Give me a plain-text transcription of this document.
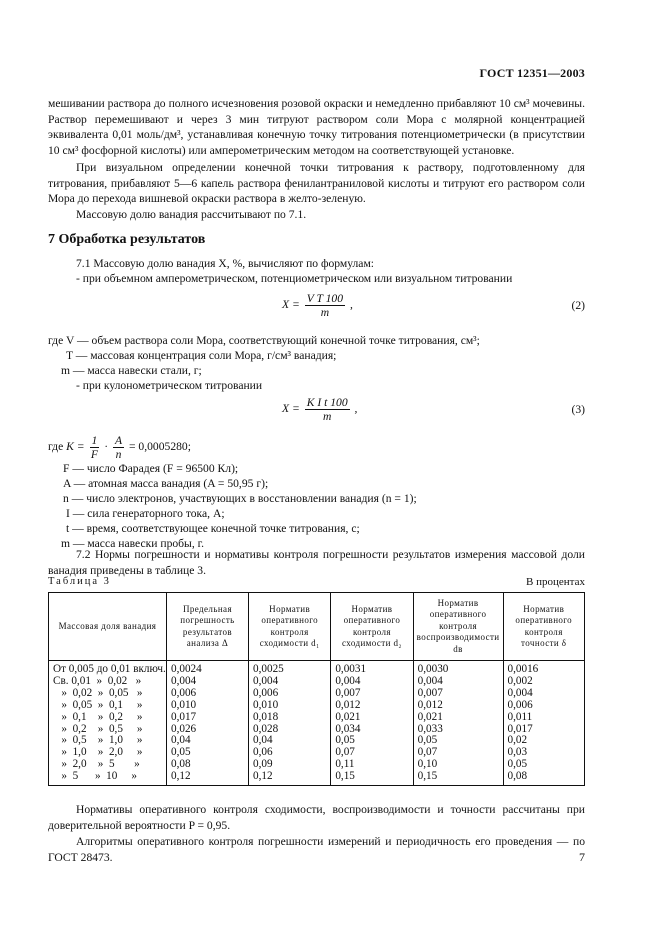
ГОСТ 12351—2003
мешивании раствора до полного исчезновения розовой окраски и немедленно прибавляют 10 см³ мочевины. Раствор перемешивают и через 3 мин титруют раствором соли Мора с молярной концентрацией эквивалента 0,01 моль/дм³, устанавливая конечную точку титрования потенциометрически (в присутствии 10 см³ фосфорной кислоты) или амперометрическим методом на соответствующей установке.
При визуальном определении конечной точки титрования к раствору, подготовленному для титрования, прибавляют 5—6 капель раствора фенилантраниловой кислоты и титруют его раствором соли Мора до перехода вишневой окраски раствора в желто-зеленую.
Массовую долю ванадия рассчитывают по 7.1.
7 Обработка результатов
7.1 Массовую долю ванадия X, %, вычисляют по формулам:
- при объемном амперометрическом, потенциометрическом или визуальном титровании
$X = \frac{\text{V T 100}}{m}$ ,	(2)
где V — объем раствора соли Мора, соответствующий конечной точке титрования, см³;
T — массовая концентрация соли Мора, г/см³ ванадия;
m — масса навески стали, г;
- при кулонометрическом титровании
$X = \frac{\text{K I t 100}}{m}$ ,	(3)
где $K = \frac{1}{F} \cdot \frac{A}{n} = 0,0005280$;
F — число Фарадея (F = 96500 Кл);
A — атомная масса ванадия (A = 50,95 г);
n — число электронов, участвующих в восстановлении ванадия (n = 1);
I — сила генераторного тока, А;
t — время, соответствующее конечной точке титрования, с;
m — масса навески пробы, г.
7.2 Нормы погрешности и нормативы контроля погрешности результатов измерения массовой доли ванадия приведены в таблице 3.
Таблица 3	В процентах
Массовая доля ванадия	Предельная погрешность результатов анализа Δ	Норматив оперативного контроля сходимости d₁	Норматив оперативного контроля сходимости d₂	Норматив оперативного контроля воспроизводимости dв	Норматив оперативного контроля точности δ
От 0,005 до 0,01 включ.	0,0024	0,0025	0,0031	0,0030	0,0016
Св. 0,01  »  0,02   »	0,004	0,004	0,004	0,004	0,002
»  0,02  »  0,05   »	0,006	0,006	0,007	0,007	0,004
»  0,05  »  0,1     »	0,010	0,010	0,012	0,012	0,006
»  0,1    »  0,2     »	0,017	0,018	0,021	0,021	0,011
»  0,2    »  0,5     »	0,026	0,028	0,034	0,033	0,017
»  0,5    »  1,0     »	0,04	0,04	0,05	0,05	0,02
»  1,0    »  2,0     »	0,05	0,06	0,07	0,07	0,03
»  2,0    »  5       »	0,08	0,09	0,11	0,10	0,05
»  5      »  10     »	0,12	0,12	0,15	0,15	0,08
Нормативы оперативного контроля сходимости, воспроизводимости и точности рассчитаны при доверительной вероятности P = 0,95.
Алгоритмы оперативного контроля погрешности измерений и периодичность его проведения — по ГОСТ 28473.	7
